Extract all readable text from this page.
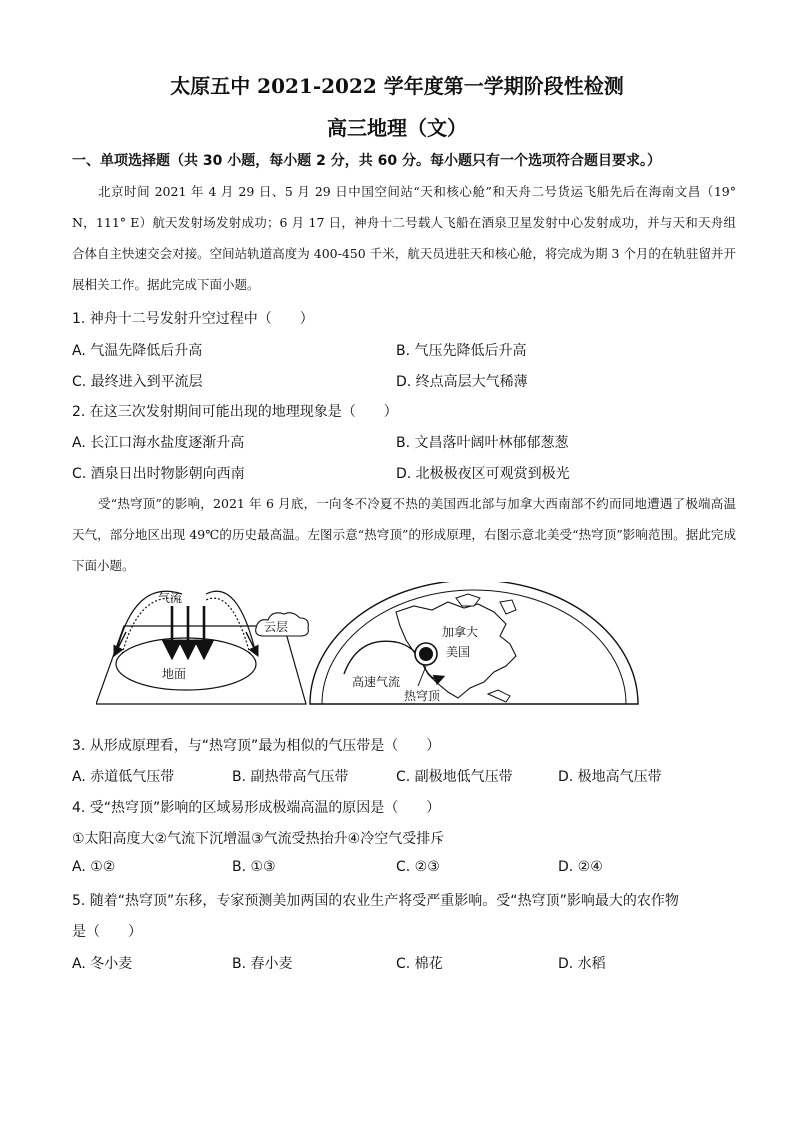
太原五中 2021-2022 学年度第一学期阶段性检测
高三地理（文）
一、单项选择题（共 30 小题，每小题 2 分，共 60 分。每小题只有一个选项符合题目要求。）
北京时间 2021 年 4 月 29 日、5 月 29 日中国空间站“天和核心舱”和天舟二号货运飞船先后在海南文昌（19° N，111° E）航天发射场发射成功；6 月 17 日，神舟十二号载人飞船在酒泉卫星发射中心发射成功，并与天和天舟组合体自主快速交会对接。空间站轨道高度为 400-450 千米，航天员进驻天和核心舱，将完成为期 3 个月的在轨驻留并开展相关工作。据此完成下面小题。
1. 神舟十二号发射升空过程中（　　）
A. 气温先降低后升高	B. 气压先降低后升高
C. 最终进入到平流层	D. 终点高层大气稀薄
2. 在这三次发射期间可能出现的地理现象是（　　）
A. 长江口海水盐度逐渐升高	B. 文昌落叶阔叶林郁郁葱葱
C. 酒泉日出时物影朝向西南	D. 北极极夜区可观赏到极光
受“热穹顶”的影响，2021 年 6 月底，一向冬不冷夏不热的美国西北部与加拿大西南部不约而同地遭遇了极端高温天气，部分地区出现 49℃的历史最高温。左图示意“热穹顶”的形成原理，右图示意北美受“热穹顶”影响范围。据此完成下面小题。
气流
云层
地面
加拿大
美国
高速气流
热穹顶
3. 从形成原理看，与“热穹顶”最为相似的气压带是（　　）
A. 赤道低气压带	B. 副热带高气压带	C. 副极地低气压带	D. 极地高气压带
4. 受“热穹顶”影响的区域易形成极端高温的原因是（　　）
①太阳高度大②气流下沉增温③气流受热抬升④冷空气受排斥
A. ①②	B. ①③	C. ②③	D. ②④
5. 随着“热穹顶”东移，专家预测美加两国的农业生产将受严重影响。受“热穹顶”影响最大的农作物
是（　　）
A. 冬小麦	B. 春小麦	C. 棉花	D. 水稻
